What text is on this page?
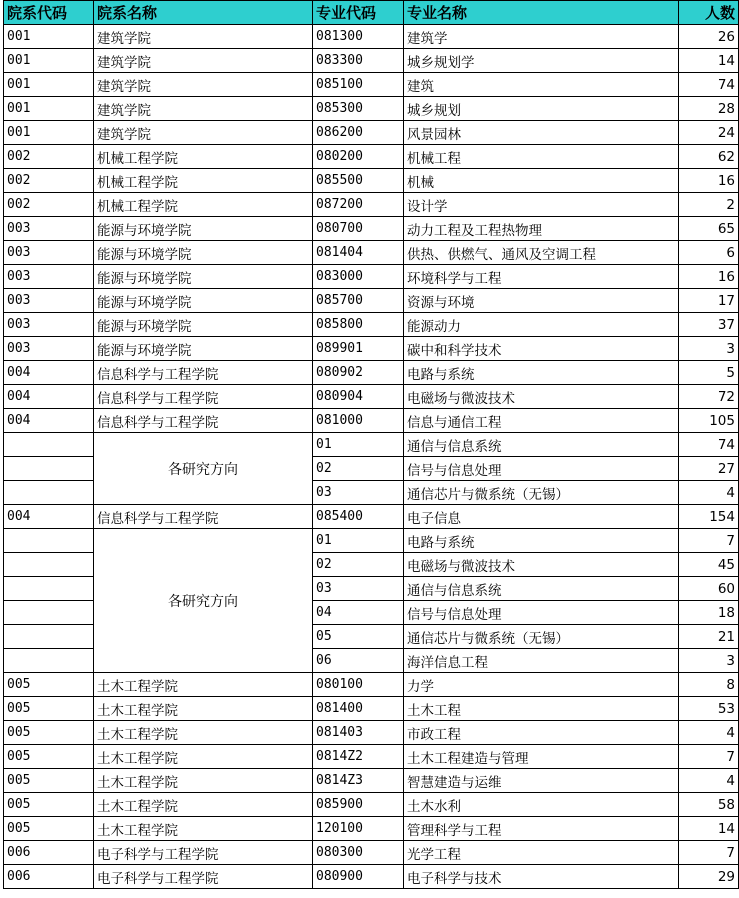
院系代码	院系名称	专业代码	专业名称	人数
001	建筑学院	081300	建筑学	26
001	建筑学院	083300	城乡规划学	14
001	建筑学院	085100	建筑	74
001	建筑学院	085300	城乡规划	28
001	建筑学院	086200	风景园林	24
002	机械工程学院	080200	机械工程	62
002	机械工程学院	085500	机械	16
002	机械工程学院	087200	设计学	2
003	能源与环境学院	080700	动力工程及工程热物理	65
003	能源与环境学院	081404	供热、供燃气、通风及空调工程	6
003	能源与环境学院	083000	环境科学与工程	16
003	能源与环境学院	085700	资源与环境	17
003	能源与环境学院	085800	能源动力	37
003	能源与环境学院	089901	碳中和科学技术	3
004	信息科学与工程学院	080902	电路与系统	5
004	信息科学与工程学院	080904	电磁场与微波技术	72
004	信息科学与工程学院	081000	信息与通信工程	105
	各研究方向	01	通信与信息系统	74
		02	信号与信息处理	27
		03	通信芯片与微系统（无锡）	4
004	信息科学与工程学院	085400	电子信息	154
	各研究方向	01	电路与系统	7
		02	电磁场与微波技术	45
		03	通信与信息系统	60
		04	信号与信息处理	18
		05	通信芯片与微系统（无锡）	21
		06	海洋信息工程	3
005	土木工程学院	080100	力学	8
005	土木工程学院	081400	土木工程	53
005	土木工程学院	081403	市政工程	4
005	土木工程学院	0814Z2	土木工程建造与管理	7
005	土木工程学院	0814Z3	智慧建造与运维	4
005	土木工程学院	085900	土木水利	58
005	土木工程学院	120100	管理科学与工程	14
006	电子科学与工程学院	080300	光学工程	7
006	电子科学与工程学院	080900	电子科学与技术	29
